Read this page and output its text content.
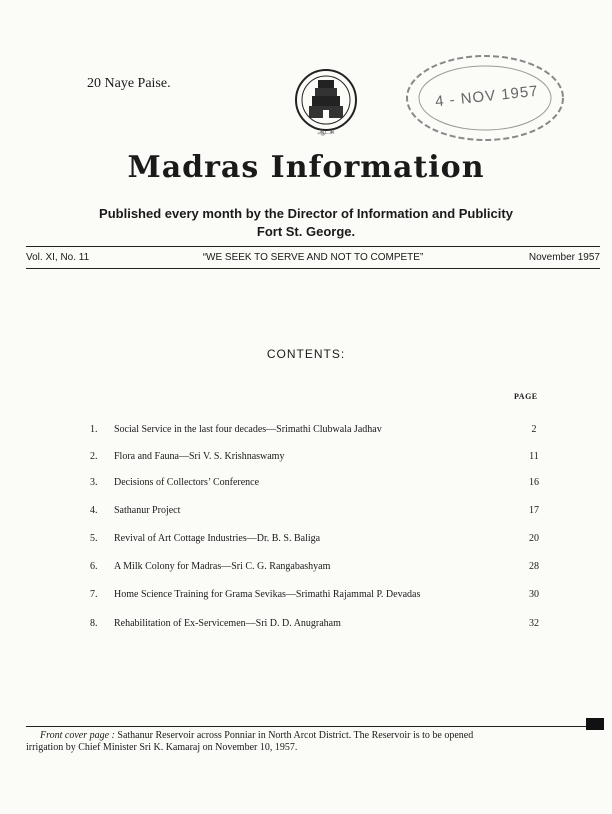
20 Naye Paise.
ஆட்சி
4 - NOV 1957
Madras Information
Published every month by the Director of Information and Publicity
Fort St. George.
Vol. XI, No. 11	“WE SEEK TO SERVE AND NOT TO COMPETE”	November 1957
CONTENTS:
PAGE
1. Social Service in the last four decades—Srimathi Clubwala Jadhav	2
2. Flora and Fauna—Sri V. S. Krishnaswamy	11
3. Decisions of Collectors’ Conference	16
4. Sathanur Project	17
5. Revival of Art Cottage Industries—Dr. B. S. Baliga	20
6. A Milk Colony for Madras—Sri C. G. Rangabashyam	28
7. Home Science Training for Grama Sevikas—Srimathi Rajammal P. Devadas	30
8. Rehabilitation of Ex-Servicemen—Sri D. D. Anugraham	32
Front cover page : Sathanur Reservoir across Ponniar in North Arcot District. The Reservoir is to be opened
irrigation by Chief Minister Sri K. Kamaraj on November 10, 1957.
